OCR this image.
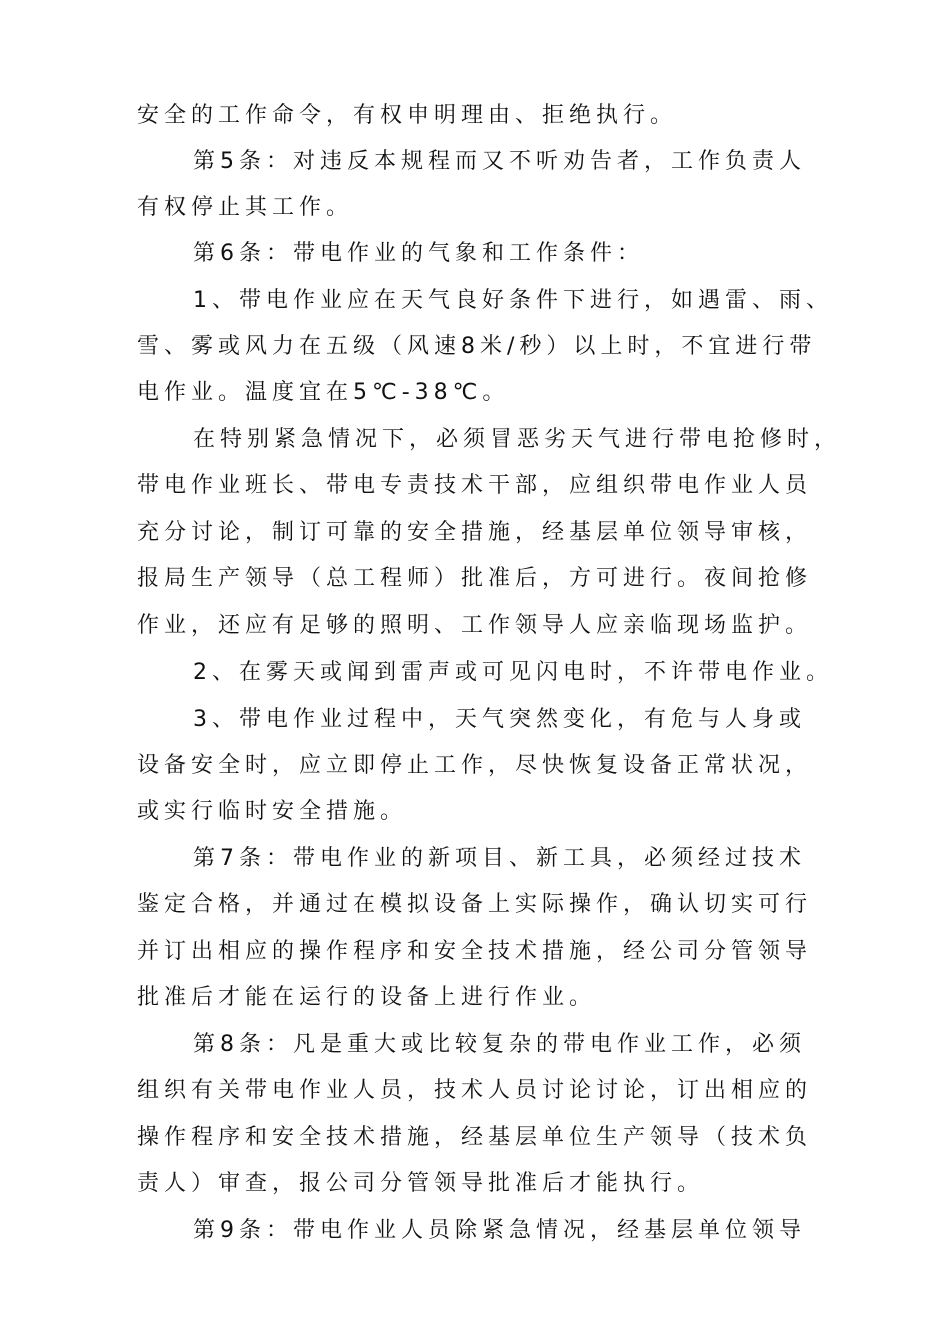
安全的工作命令，有权申明理由、拒绝执行。
第5条：对违反本规程而又不听劝告者，工作负责人
有权停止其工作。
第6条：带电作业的气象和工作条件：
1、带电作业应在天气良好条件下进行，如遇雷、雨、
雪、雾或风力在五级（风速8米/秒）以上时，不宜进行带
电作业。温度宜在5℃-38℃。
在特别紧急情况下，必须冒恶劣天气进行带电抢修时，
带电作业班长、带电专责技术干部，应组织带电作业人员
充分讨论，制订可靠的安全措施，经基层单位领导审核，
报局生产领导（总工程师）批准后，方可进行。夜间抢修
作业，还应有足够的照明、工作领导人应亲临现场监护。
2、在雾天或闻到雷声或可见闪电时，不许带电作业。
3、带电作业过程中，天气突然变化，有危与人身或
设备安全时，应立即停止工作，尽快恢复设备正常状况，
或实行临时安全措施。
第7条：带电作业的新项目、新工具，必须经过技术
鉴定合格，并通过在模拟设备上实际操作，确认切实可行
并订出相应的操作程序和安全技术措施，经公司分管领导
批准后才能在运行的设备上进行作业。
第8条：凡是重大或比较复杂的带电作业工作，必须
组织有关带电作业人员，技术人员讨论讨论，订出相应的
操作程序和安全技术措施，经基层单位生产领导（技术负
责人）审查，报公司分管领导批准后才能执行。
第9条：带电作业人员除紧急情况，经基层单位领导
